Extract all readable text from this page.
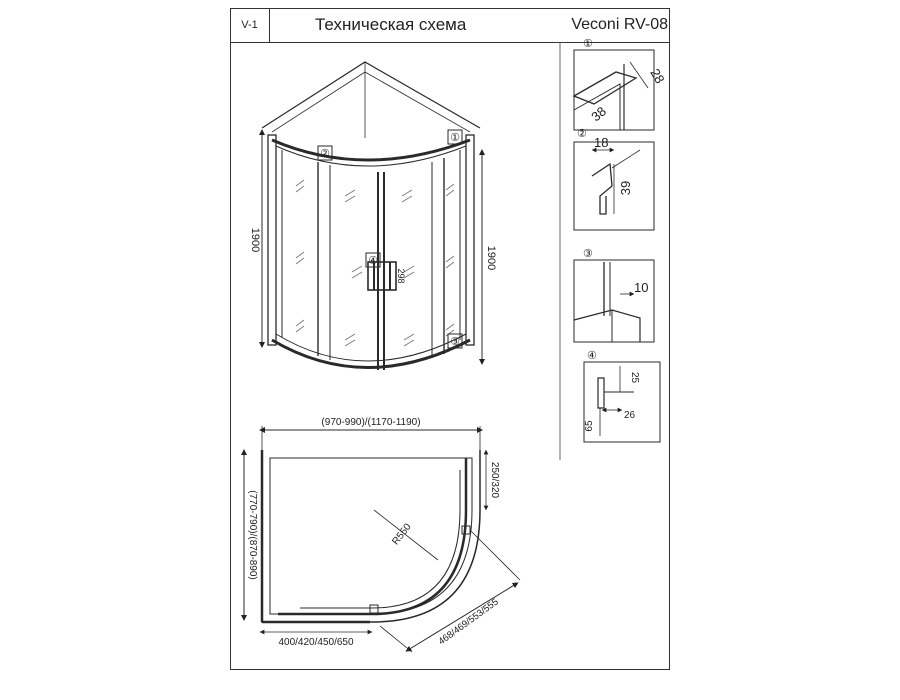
V-1	Техническая схема	Veconi RV-08
1900
1900
298
①
②
③
④
①
28
38
②
18
39
③
10
④
25
26
65
(970-990)/(1170-1190)
(770-790)/(870-890)	R550
250/320
400/420/450/650	468/469/553/555
